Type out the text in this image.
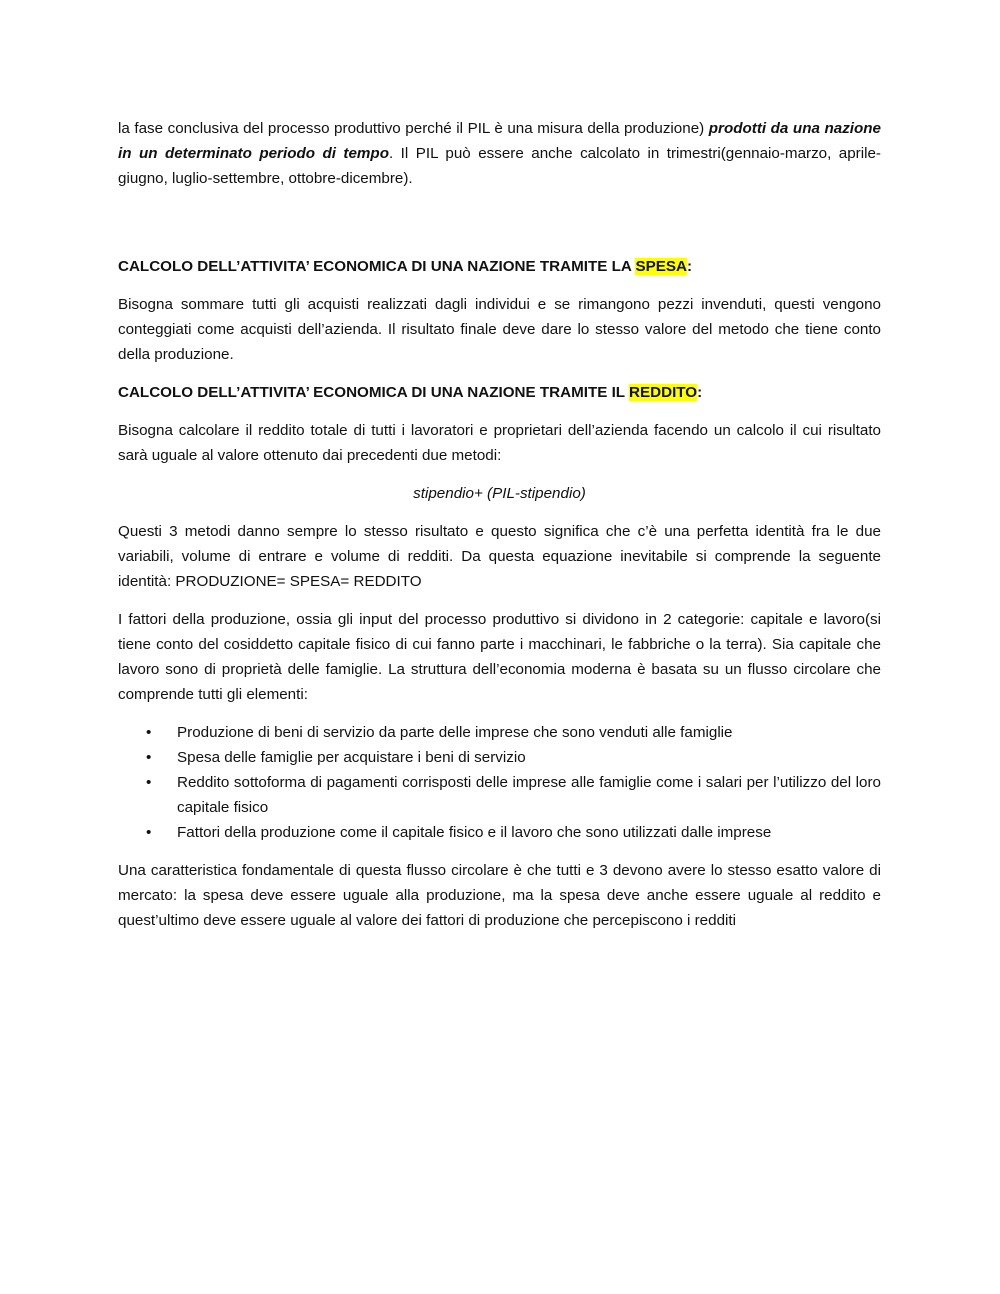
la fase conclusiva del processo produttivo perché il PIL è una misura della produzione) prodotti da una nazione in un determinato periodo di tempo. Il PIL può essere anche calcolato in trimestri(gennaio-marzo, aprile-giugno, luglio-settembre, ottobre-dicembre).

CALCOLO DELL’ATTIVITA’ ECONOMICA DI UNA NAZIONE TRAMITE LA SPESA:

Bisogna sommare tutti gli acquisti realizzati dagli individui e se rimangono pezzi invenduti, questi vengono conteggiati come acquisti dell’azienda. Il risultato finale deve dare lo stesso valore del metodo che tiene conto della produzione.

CALCOLO DELL’ATTIVITA’ ECONOMICA DI UNA NAZIONE TRAMITE IL REDDITO:

Bisogna calcolare il reddito totale di tutti i lavoratori e proprietari dell’azienda facendo un calcolo il cui risultato sarà uguale al valore ottenuto dai precedenti due metodi:

stipendio+ (PIL-stipendio)

Questi 3 metodi danno sempre lo stesso risultato e questo significa che c’è una perfetta identità fra le due variabili, volume di entrare e volume di redditi. Da questa equazione inevitabile si comprende la seguente identità: PRODUZIONE= SPESA= REDDITO

I fattori della produzione, ossia gli input del processo produttivo si dividono in 2 categorie: capitale e lavoro(si tiene conto del cosiddetto capitale fisico di cui fanno parte i macchinari, le fabbriche o la terra). Sia capitale che lavoro sono di proprietà delle famiglie. La struttura dell’economia moderna è basata su un flusso circolare che comprende tutti gli elementi:

• Produzione di beni di servizio da parte delle imprese che sono venduti alle famiglie
• Spesa delle famiglie per acquistare i beni di servizio
• Reddito sottoforma di pagamenti corrisposti delle imprese alle famiglie come i salari per l’utilizzo del loro capitale fisico
• Fattori della produzione come il capitale fisico e il lavoro che sono utilizzati dalle imprese

Una caratteristica fondamentale di questa flusso circolare è che tutti e 3 devono avere lo stesso esatto valore di mercato: la spesa deve essere uguale alla produzione, ma la spesa deve anche essere uguale al reddito e quest’ultimo deve essere uguale al valore dei fattori di produzione che percepiscono i redditi
